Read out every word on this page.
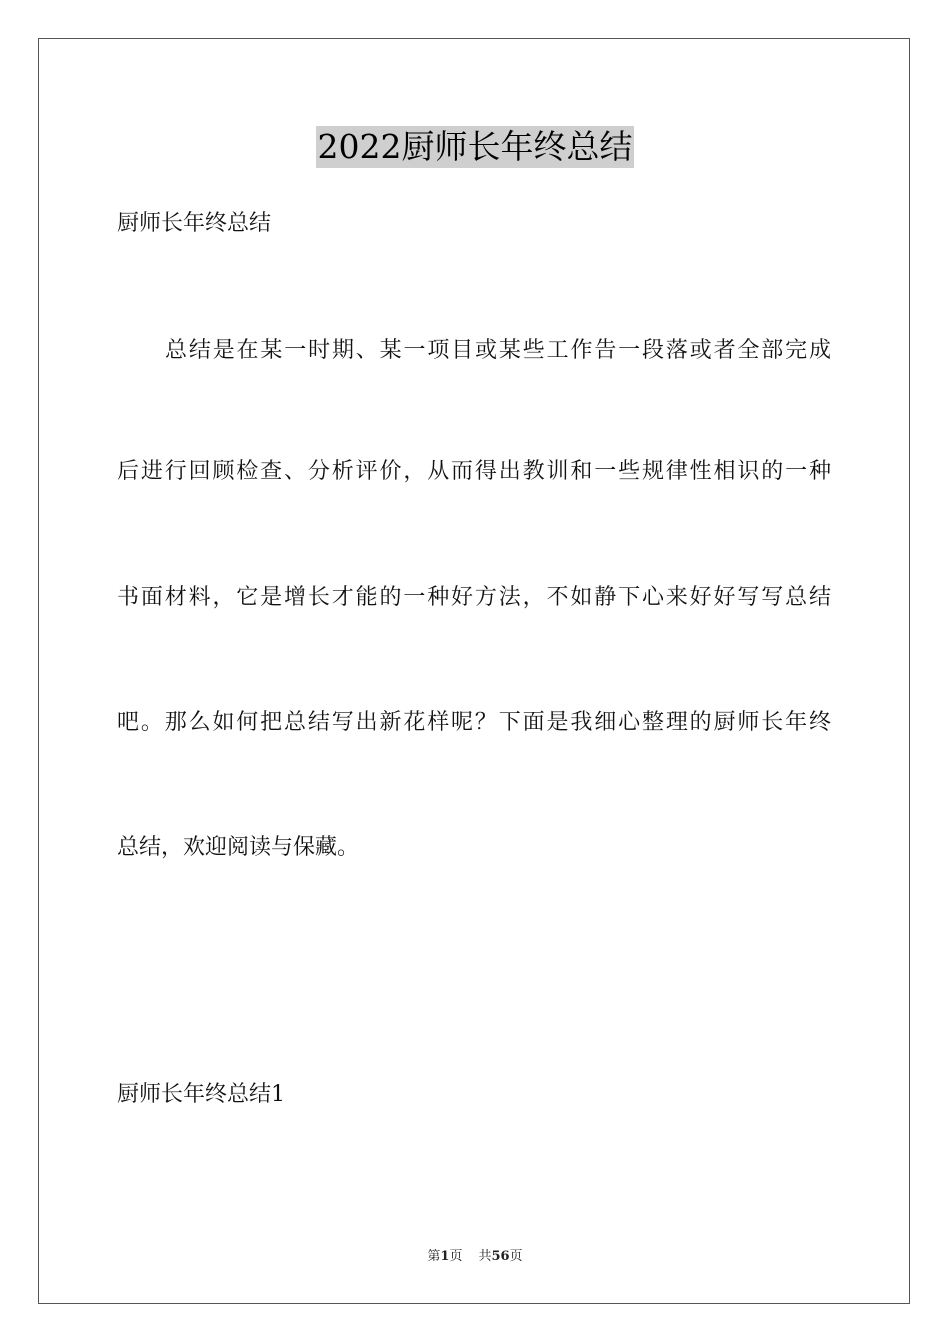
2022厨师长年终总结
厨师长年终总结
总结是在某一时期、某一项目或某些工作告一段落或者全部完成
后进行回顾检查、分析评价，从而得出教训和一些规律性相识的一种
书面材料，它是增长才能的一种好方法，不如静下心来好好写写总结
吧。那么如何把总结写出新花样呢？下面是我细心整理的厨师长年终
总结，欢迎阅读与保藏。
厨师长年终总结1
第1页 共56页
